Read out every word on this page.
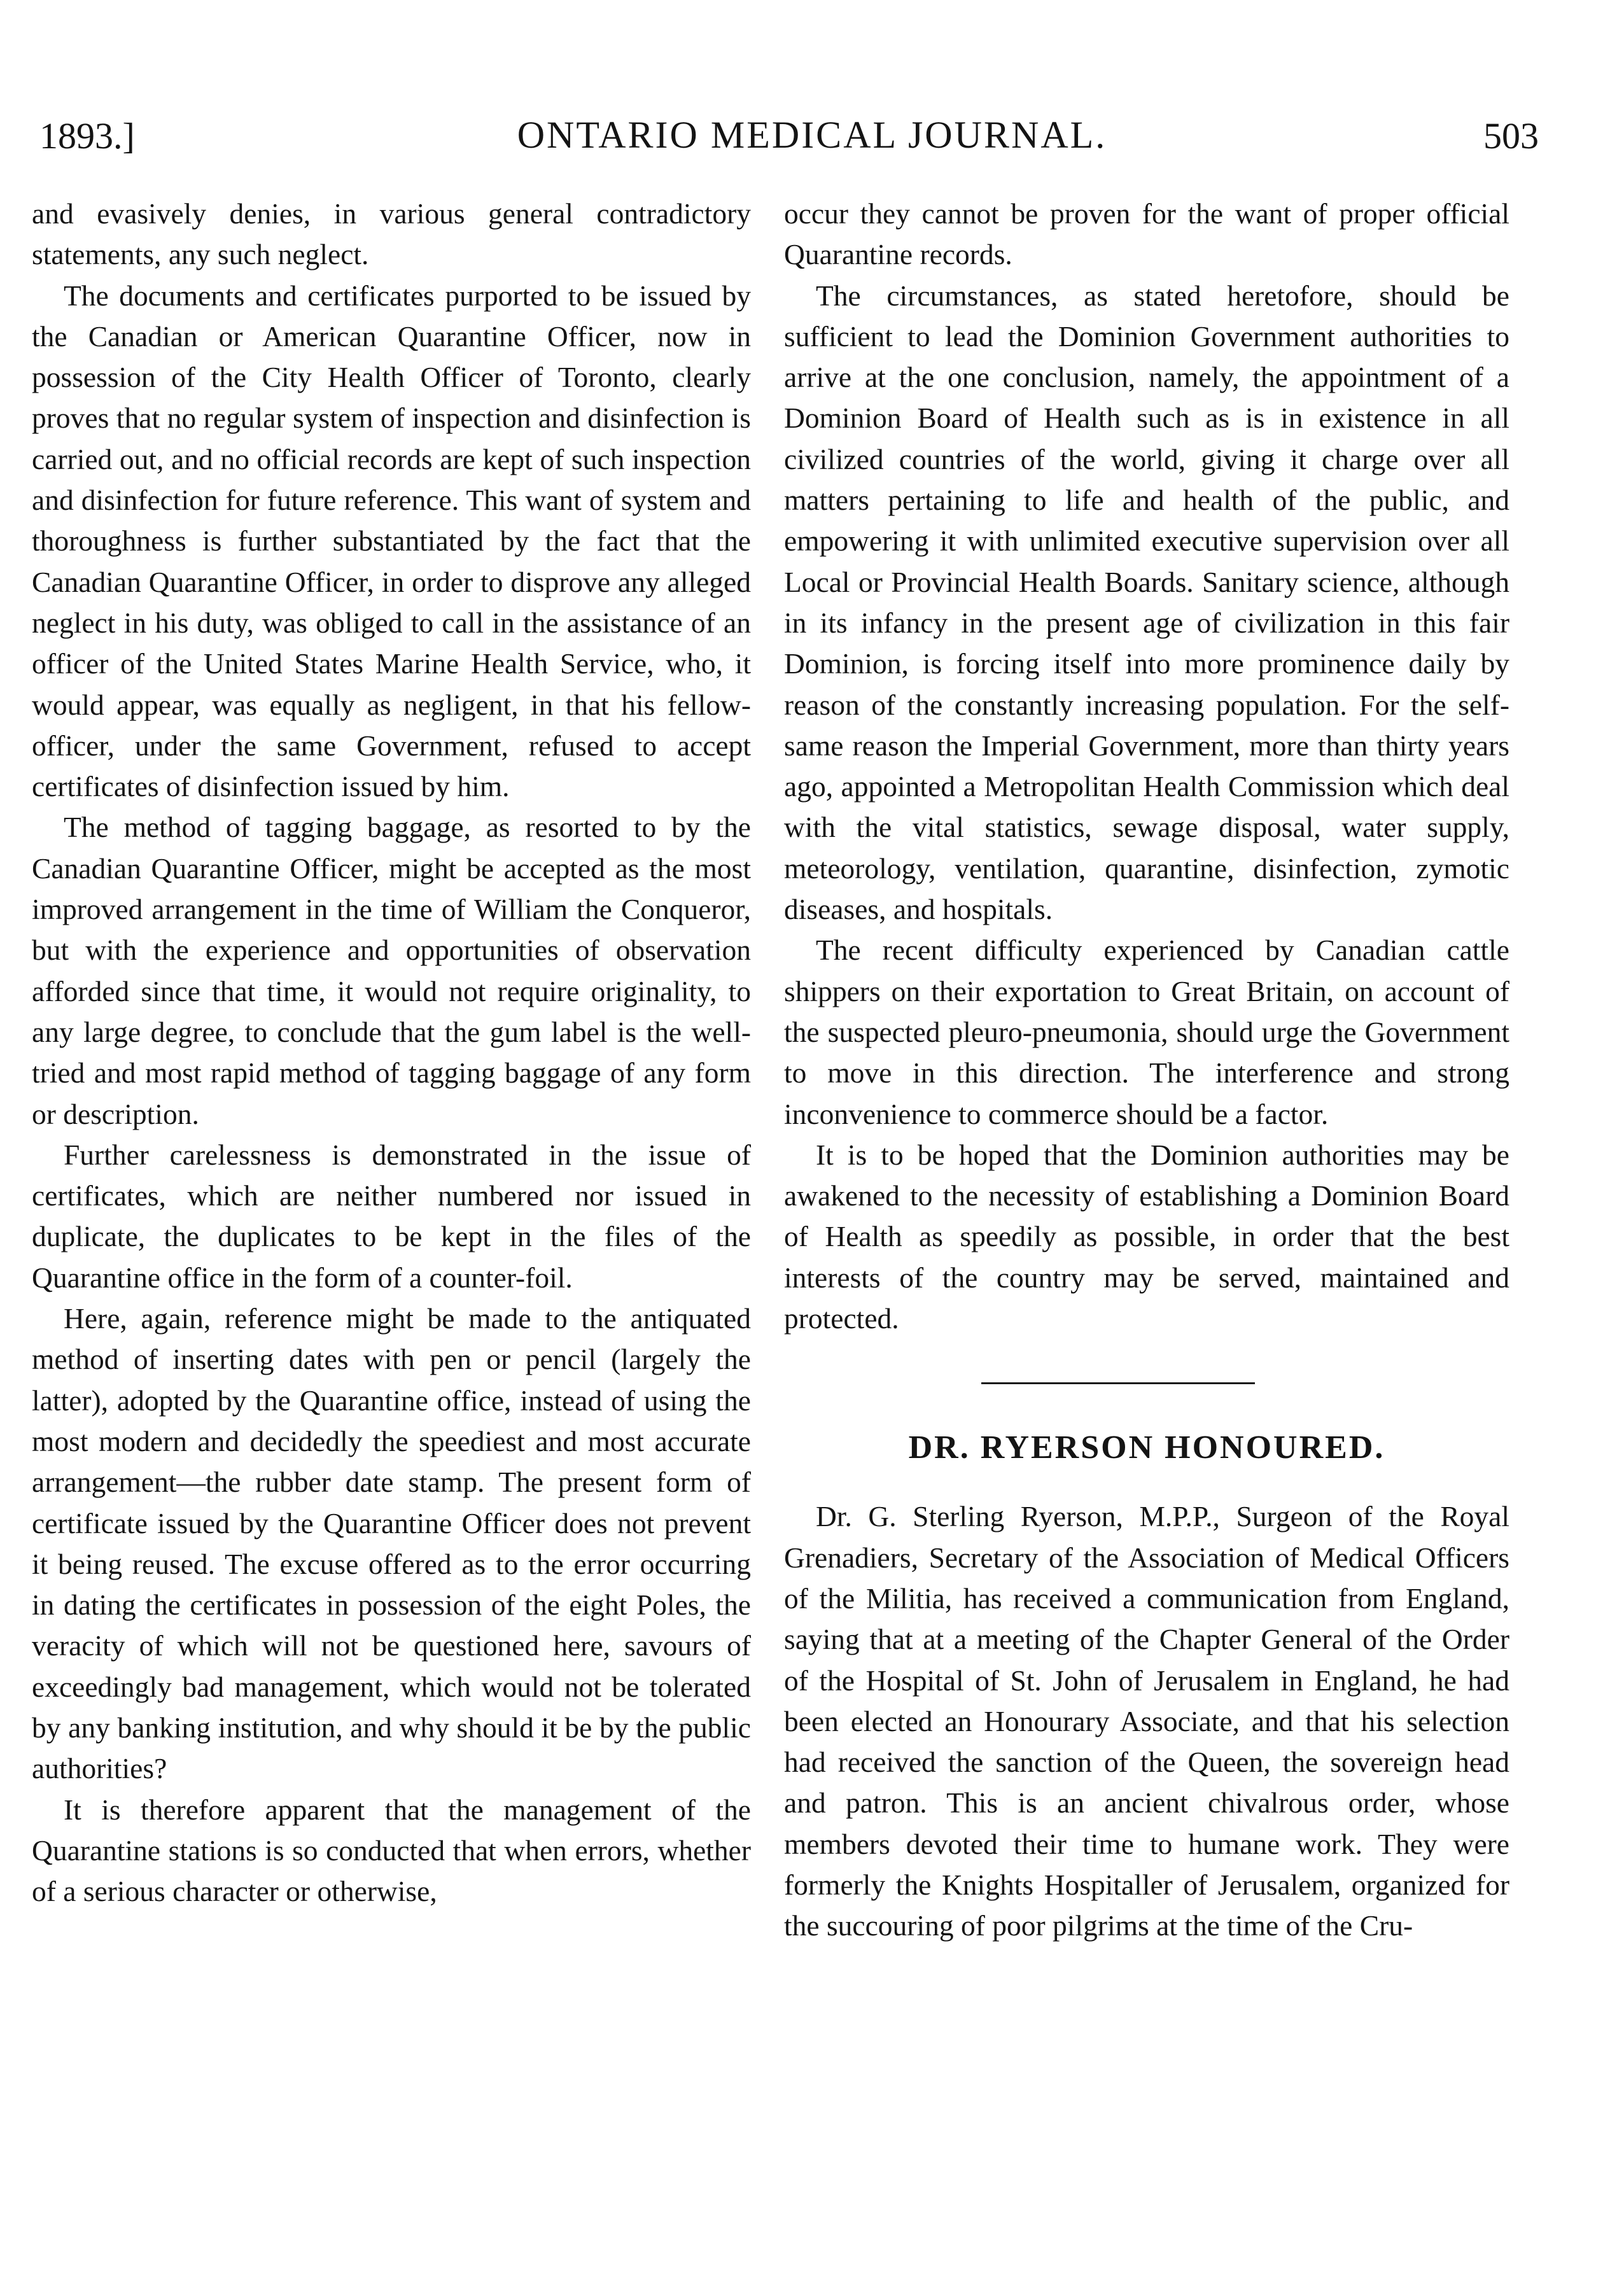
1893.]	ONTARIO MEDICAL JOURNAL.	503

and evasively denies, in various general contradictory statements, any such neglect.

The documents and certificates purported to be issued by the Canadian or American Quarantine Officer, now in possession of the City Health Officer of Toronto, clearly proves that no regular system of inspection and disinfection is carried out, and no official records are kept of such inspection and disinfection for future reference. This want of system and thoroughness is further substantiated by the fact that the Canadian Quarantine Officer, in order to disprove any alleged neglect in his duty, was obliged to call in the assistance of an officer of the United States Marine Health Service, who, it would appear, was equally as negligent, in that his fellow-officer, under the same Government, refused to accept certificates of disinfection issued by him.

The method of tagging baggage, as resorted to by the Canadian Quarantine Officer, might be accepted as the most improved arrangement in the time of William the Conqueror, but with the experience and opportunities of observation afforded since that time, it would not require originality, to any large degree, to conclude that the gum label is the well-tried and most rapid method of tagging baggage of any form or description.

Further carelessness is demonstrated in the issue of certificates, which are neither numbered nor issued in duplicate, the duplicates to be kept in the files of the Quarantine office in the form of a counter-foil.

Here, again, reference might be made to the antiquated method of inserting dates with pen or pencil (largely the latter), adopted by the Quarantine office, instead of using the most modern and decidedly the speediest and most accurate arrangement—the rubber date stamp. The present form of certificate issued by the Quarantine Officer does not prevent it being reused. The excuse offered as to the error occurring in dating the certificates in possession of the eight Poles, the veracity of which will not be questioned here, savours of exceedingly bad management, which would not be tolerated by any banking institution, and why should it be by the public authorities?

It is therefore apparent that the management of the Quarantine stations is so conducted that when errors, whether of a serious character or otherwise,

occur they cannot be proven for the want of proper official Quarantine records.

The circumstances, as stated heretofore, should be sufficient to lead the Dominion Government authorities to arrive at the one conclusion, namely, the appointment of a Dominion Board of Health such as is in existence in all civilized countries of the world, giving it charge over all matters pertaining to life and health of the public, and empowering it with unlimited executive supervision over all Local or Provincial Health Boards. Sanitary science, although in its infancy in the present age of civilization in this fair Dominion, is forcing itself into more prominence daily by reason of the constantly increasing population. For the self-same reason the Imperial Government, more than thirty years ago, appointed a Metropolitan Health Commission which deal with the vital statistics, sewage disposal, water supply, meteorology, ventilation, quarantine, disinfection, zymotic diseases, and hospitals.

The recent difficulty experienced by Canadian cattle shippers on their exportation to Great Britain, on account of the suspected pleuro-pneumonia, should urge the Government to move in this direction. The interference and strong inconvenience to commerce should be a factor.

It is to be hoped that the Dominion authorities may be awakened to the necessity of establishing a Dominion Board of Health as speedily as possible, in order that the best interests of the country may be served, maintained and protected.

DR. RYERSON HONOURED.

Dr. G. Sterling Ryerson, M.P.P., Surgeon of the Royal Grenadiers, Secretary of the Association of Medical Officers of the Militia, has received a communication from England, saying that at a meeting of the Chapter General of the Order of the Hospital of St. John of Jerusalem in England, he had been elected an Honourary Associate, and that his selection had received the sanction of the Queen, the sovereign head and patron. This is an ancient chivalrous order, whose members devoted their time to humane work. They were formerly the Knights Hospitaller of Jerusalem, organized for the succouring of poor pilgrims at the time of the Cru-
